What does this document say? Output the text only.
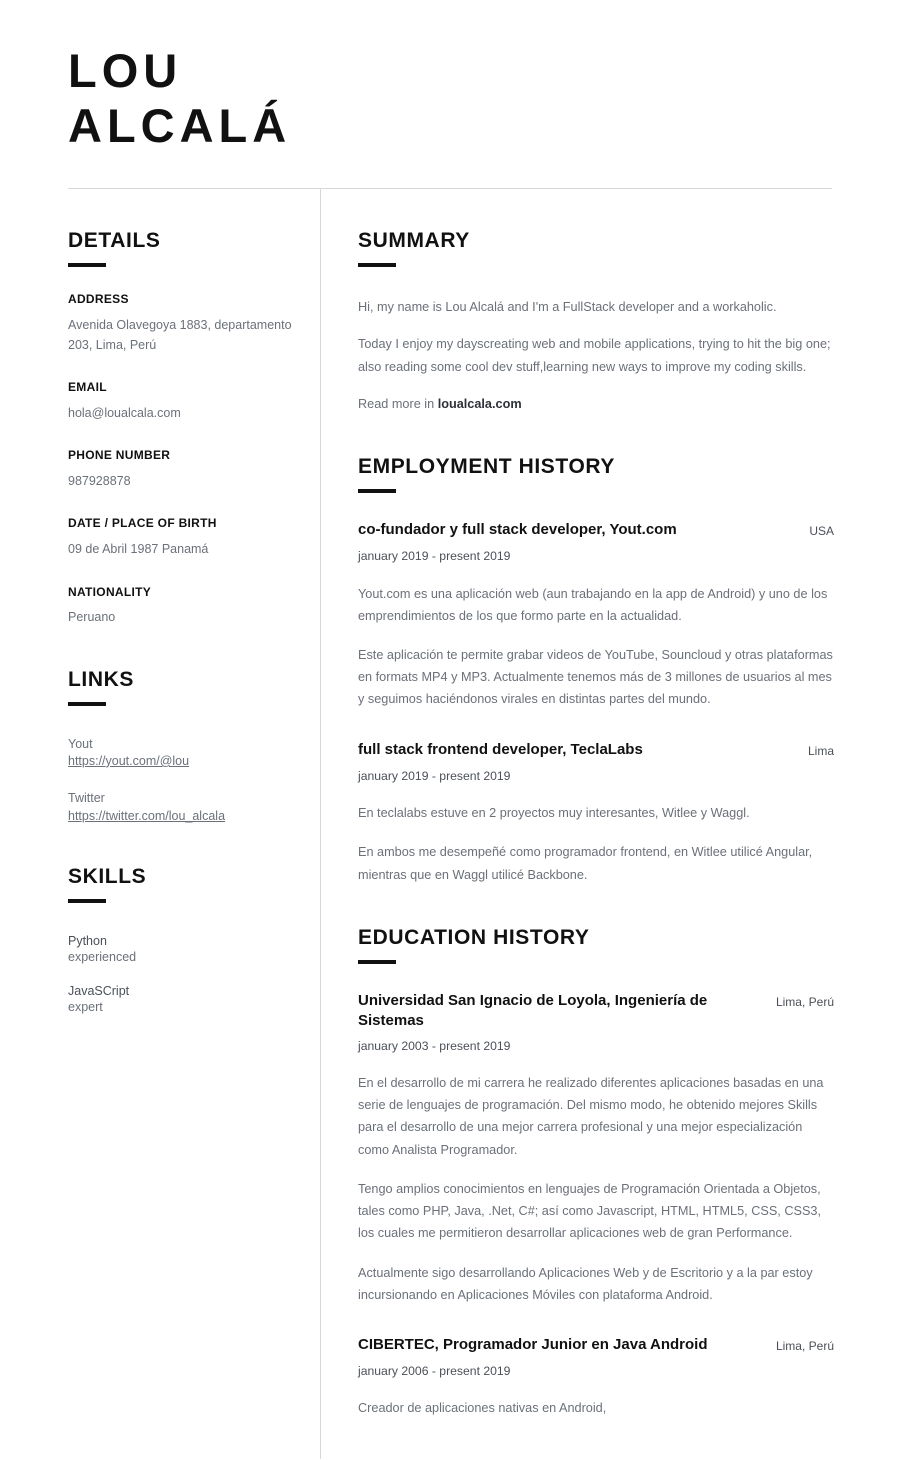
LOU
ALCALÁ
DETAILS
ADDRESS
Avenida Olavegoya 1883, departamento 203, Lima, Perú
EMAIL
hola@loualcala.com
PHONE NUMBER
987928878
DATE / PLACE OF BIRTH
09 de Abril 1987 Panamá
NATIONALITY
Peruano
LINKS
Yout
https://yout.com/@lou
Twitter
https://twitter.com/lou_alcala
SKILLS
Python
experienced
JavaSCript
expert
SUMMARY

Hi, my name is Lou Alcalá and I'm a FullStack developer and a workaholic.

Today I enjoy my dayscreating web and mobile applications, trying to hit the big one; also reading some cool dev stuff,learning new ways to improve my coding skills.

Read more in loualcala.com

EMPLOYMENT HISTORY
co-fundador y full stack developer, Yout.com	USA
january 2019 - present 2019

Yout.com es una aplicación web (aun trabajando en la app de Android) y uno de los emprendimientos de los que formo parte en la actualidad.

Este aplicación te permite grabar videos de YouTube, Souncloud y otras plataformas en formats MP4 y MP3. Actualmente tenemos más de 3 millones de usuarios al mes y seguimos haciéndonos virales en distintas partes del mundo.

full stack frontend developer, TeclaLabs	Lima
january 2019 - present 2019

En teclalabs estuve en 2 proyectos muy interesantes, Witlee y Waggl.

En ambos me desempeñé como programador frontend, en Witlee utilicé Angular, mientras que en Waggl utilicé Backbone.

EDUCATION HISTORY
Universidad San Ignacio de Loyola, Ingeniería de Sistemas
Lima, Perú
january 2003 - present 2019

En el desarrollo de mi carrera he realizado diferentes aplicaciones basadas en una serie de lenguajes de programación. Del mismo modo, he obtenido mejores Skills para el desarrollo de una mejor carrera profesional y una mejor especialización como Analista Programador.

Tengo amplios conocimientos en lenguajes de Programación Orientada a Objetos, tales como PHP, Java, .Net, C#; así como Javascript, HTML, HTML5, CSS, CSS3, los cuales me permitieron desarrollar aplicaciones web de gran Performance.

Actualmente sigo desarrollando Aplicaciones Web y de Escritorio y a la par estoy incursionando en Aplicaciones Móviles con plataforma Android.

CIBERTEC, Programador Junior en Java Android	Lima, Perú
january 2006 - present 2019

Creador de aplicaciones nativas en Android,
